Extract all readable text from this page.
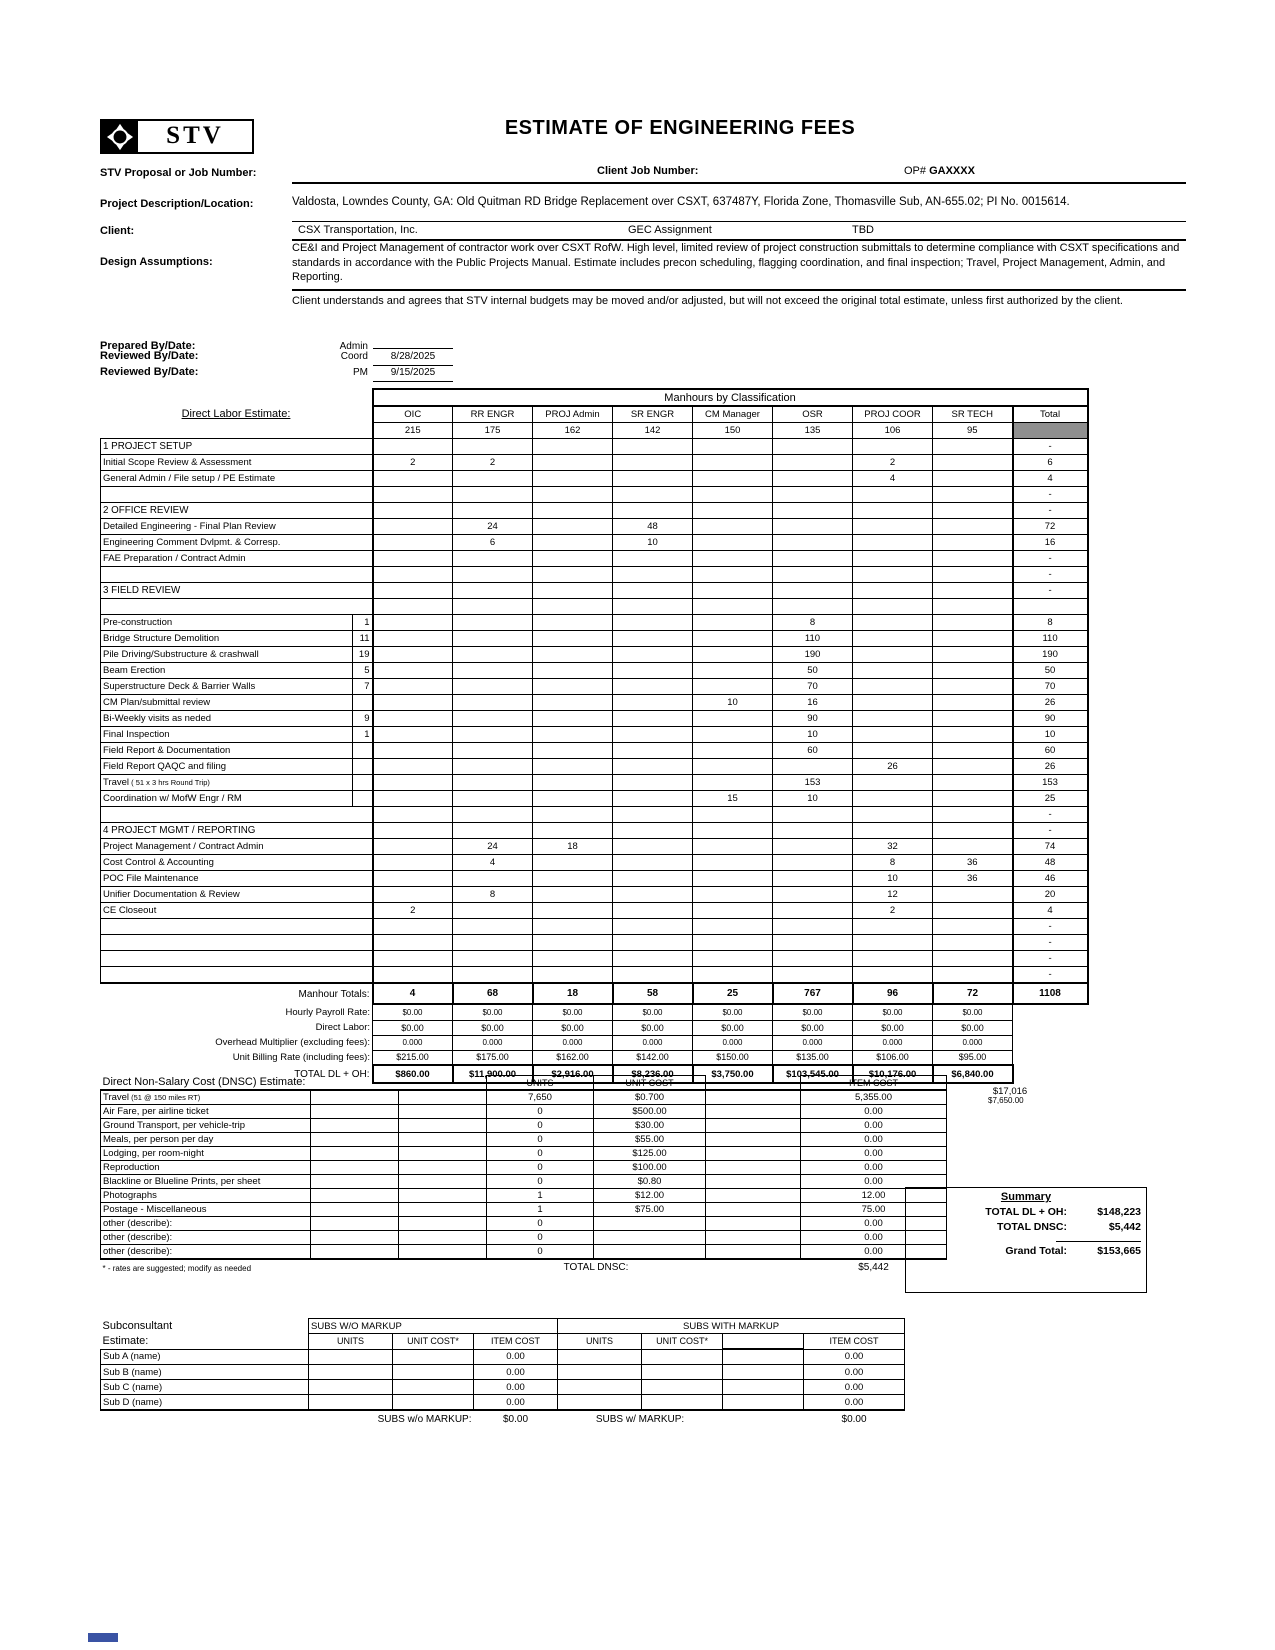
STV	ESTIMATE OF ENGINEERING FEES
STV Proposal or Job Number:	Client Job Number:	OP# GAXXXX
Project Description/Location:	Valdosta, Lowndes County, GA: Old Quitman RD Bridge Replacement over CSXT, 637487Y, Florida Zone, Thomasville Sub, AN-655.02; PI No. 0015614.
Client:	CSX Transportation, Inc.	GEC Assignment	TBD
Design Assumptions:
CE&I and Project Management of contractor work over CSXT RofW. High level, limited review of project construction submittals to determine compliance with CSXT specifications and standards in accordance with the Public Projects Manual. Estimate includes precon scheduling, flagging coordination, and final inspection; Travel, Project Management, Admin, and Reporting.
Client understands and agrees that STV internal budgets may be moved and/or adjusted, but will not exceed the original total estimate, unless first authorized by the client.
Prepared By/Date:	Admin
Reviewed By/Date:	Coord	8/28/2025
Reviewed By/Date:	PM	9/15/2025
		Manhours by Classification								
Direct Labor Estimate:		OIC	RR ENGR	PROJ Admin	SR ENGR	CM Manager	OSR	PROJ COOR	SR TECH	Total
		215	175	162	142	150	135	106	95	
1 PROJECT SETUP										-
Initial Scope Review & Assessment		2	2					2		6
General Admin / File setup / PE Estimate								4		4
										-
2 OFFICE REVIEW										-
Detailed Engineering - Final Plan Review			24		48					72
Engineering Comment Dvlpmt. & Corresp.			6		10					16
FAE Preparation / Contract Admin										-
										-
3 FIELD REVIEW										-

Pre-construction	1						8			8
Bridge Structure Demolition	11						110			110
Pile Driving/Substructure & crashwall	19						190			190
Beam Erection	5						50			50
Superstructure Deck & Barrier Walls	7						70			70
CM Plan/submittal review						10	16			26
Bi-Weekly visits as neded	9						90			90
Final Inspection	1						10			10
Field Report & Documentation							60			60
Field Report QAQC and filing								26		26
Travel ( 51 x 3 hrs Round Trip)							153			153
Coordination w/ MofW Engr / RM						15	10			25
										-
4 PROJECT MGMT / REPORTING										-
Project Management / Contract Admin			24	18				32		74
Cost Control & Accounting			4					8	36	48
POC File Maintenance								10	36	46
Unifier Documentation & Review			8					12		20
CE Closeout		2						2		4
										-
										-
										-
										-
Manhour Totals:		4	68	18	58	25	767	96	72	1108
Hourly Payroll Rate:		$0.00	$0.00	$0.00	$0.00	$0.00	$0.00	$0.00	$0.00	
Direct Labor:		$0.00	$0.00	$0.00	$0.00	$0.00	$0.00	$0.00	$0.00	
Overhead Multiplier (excluding fees):		0.000	0.000	0.000	0.000	0.000	0.000	0.000	0.000	
Unit Billing Rate (including fees):		$215.00	$175.00	$162.00	$142.00	$150.00	$135.00	$106.00	$95.00	
TOTAL DL + OH:		$860.00	$11,900.00	$2,916.00	$8,236.00	$3,750.00	$103,545.00	$10,176.00	$6,840.00	
									$17,016	
Direct Non-Salary Cost (DNSC) Estimate:			UNITS	UNIT COST		ITEM COST
Travel (51 @ 150 miles RT)			7,650	$0.700		5,355.00
Air Fare, per airline ticket			0	$500.00		0.00
Ground Transport, per vehicle-trip			0	$30.00		0.00
Meals, per person per day			0	$55.00		0.00
Lodging, per room-night			0	$125.00		0.00
Reproduction			0	$100.00		0.00
Blackline or Blueline Prints, per sheet			0	$0.80		0.00
Photographs			1	$12.00		12.00
Postage - Miscellaneous			1	$75.00		75.00
other (describe):			0			0.00
other (describe):			0			0.00
other (describe):			0			0.00
* - rates are suggested; modify as needed			TOTAL DNSC:			$5,442
$7,650.00
Summary
TOTAL DL + OH:	$148,223
TOTAL DNSC:	$5,442
Grand Total:	$153,665
Subconsultant	SUBS W/O MARKUP			SUBS WITH MARKUP			
Estimate:	UNITS	UNIT COST*	ITEM COST	UNITS	UNIT COST*		ITEM COST
Sub A (name)			0.00				0.00
Sub B (name)			0.00				0.00
Sub C (name)			0.00				0.00
Sub D (name)			0.00				0.00
	SUBS w/o MARKUP:		$0.00	SUBS w/ MARKUP:			$0.00
